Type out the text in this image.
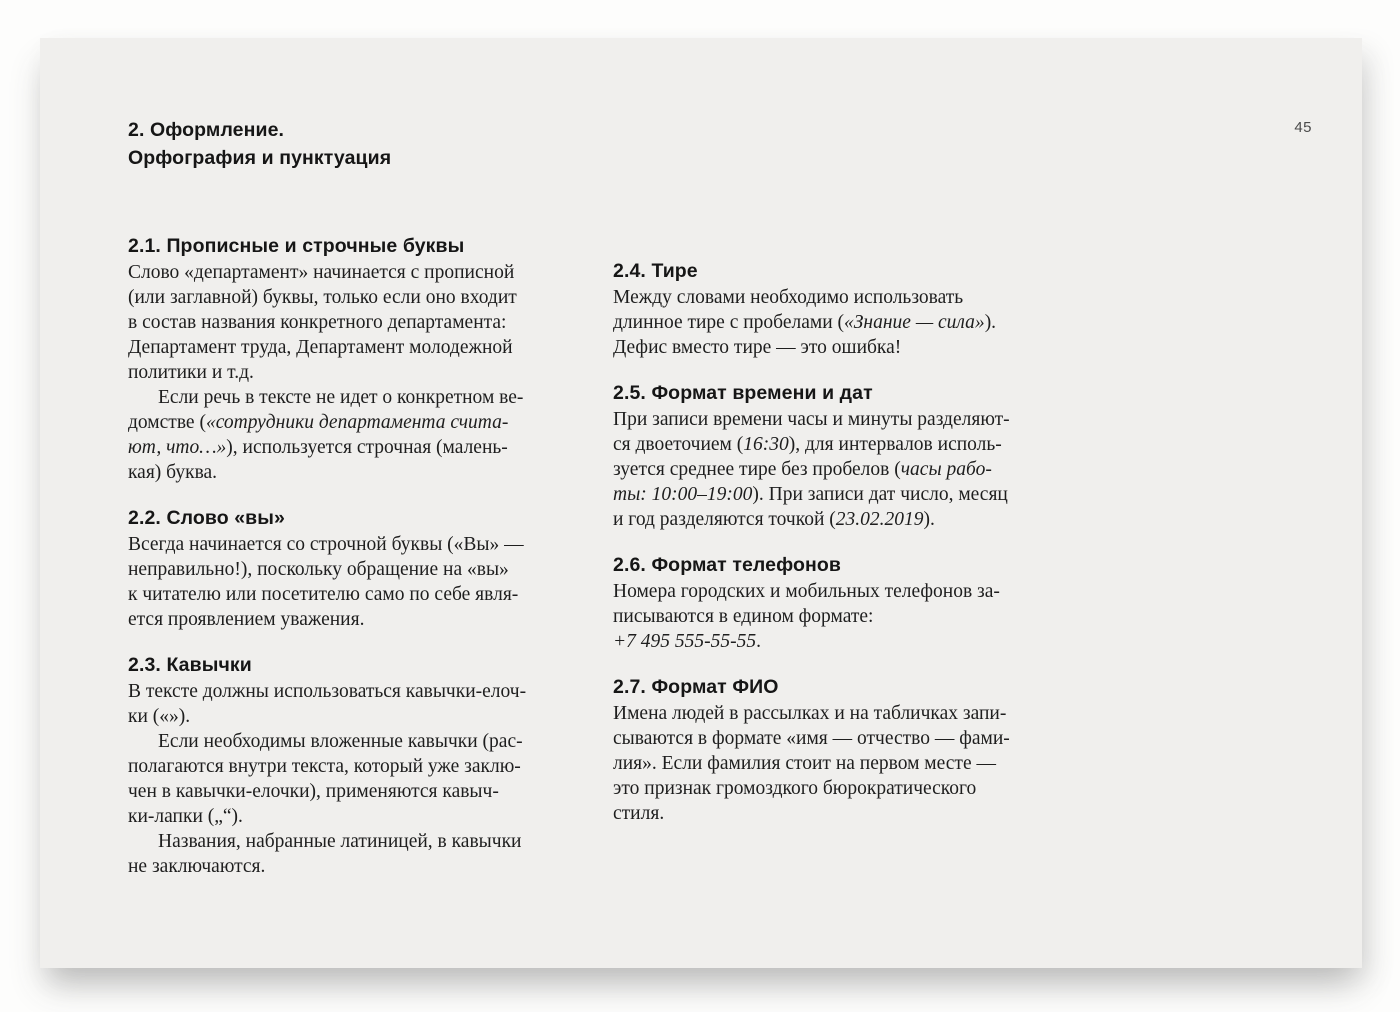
45
2. Оформление.
Орфография и пунктуация
2.1. Прописные и строчные буквы

Слово «департамент» начинается с прописной
(или заглавной) буквы, только если оно входит
в состав названия конкретного департамента:
Департамент труда, Департамент молодежной
политики и т.д.

Если речь в тексте не идет о конкретном ве-
домстве («сотрудники департамента счита-
ют, что…»), используется строчная (малень-
кая) буква.

2.2. Слово «вы»

Всегда начинается со строчной буквы («Вы» —
неправильно!), поскольку обращение на «вы»
к читателю или посетителю само по себе явля-
ется проявлением уважения.

2.3. Кавычки

В тексте должны использоваться кавычки-елоч-
ки («»).

Если необходимы вложенные кавычки (рас-
полагаются внутри текста, который уже заклю-
чен в кавычки-елочки), применяются кавыч-
ки-лапки („“).

Названия, набранные латиницей, в кавычки
не заключаются.

2.4. Тире

Между словами необходимо использовать
длинное тире с пробелами («Знание — сила»).
Дефис вместо тире — это ошибка!

2.5. Формат времени и дат

При записи времени часы и минуты разделяют-
ся двоеточием (16:30), для интервалов исполь-
зуется среднее тире без пробелов (часы рабо-
ты: 10:00–19:00). При записи дат число, месяц
и год разделяются точкой (23.02.2019).

2.6. Формат телефонов

Номера городских и мобильных телефонов за-
писываются в едином формате:
+7 495 555-55-55.

2.7. Формат ФИО

Имена людей в рассылках и на табличках запи-
сываются в формате «имя — отчество — фами-
лия». Если фамилия стоит на первом месте —
это признак громоздкого бюрократического
стиля.
